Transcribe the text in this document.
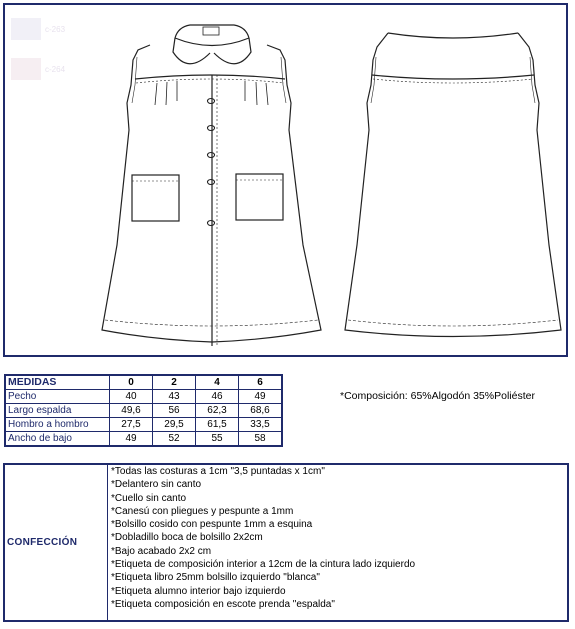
c-263
c-264
MEDIDAS	0	2	4	6
Pecho	40	43	46	49
Largo espalda	49,6	56	62,3	68,6
Hombro a hombro	27,5	29,5	61,5	33,5
Ancho de bajo	49	52	55	58
*Composición: 65%Algodón 35%Poliéster
CONFECCIÓN
*Todas las costuras a 1cm "3,5 puntadas x 1cm"
*Delantero sin canto
*Cuello sin canto
*Canesú con pliegues y pespunte a 1mm
*Bolsillo cosido con pespunte 1mm a esquina
*Dobladillo boca de bolsillo 2x2cm
*Bajo acabado 2x2 cm
*Etiqueta de composición interior a 12cm de la cintura lado izquierdo
*Etiqueta libro 25mm bolsillo izquierdo "blanca"
*Etiqueta alumno interior bajo izquierdo
*Etiqueta composición en escote prenda "espalda"
